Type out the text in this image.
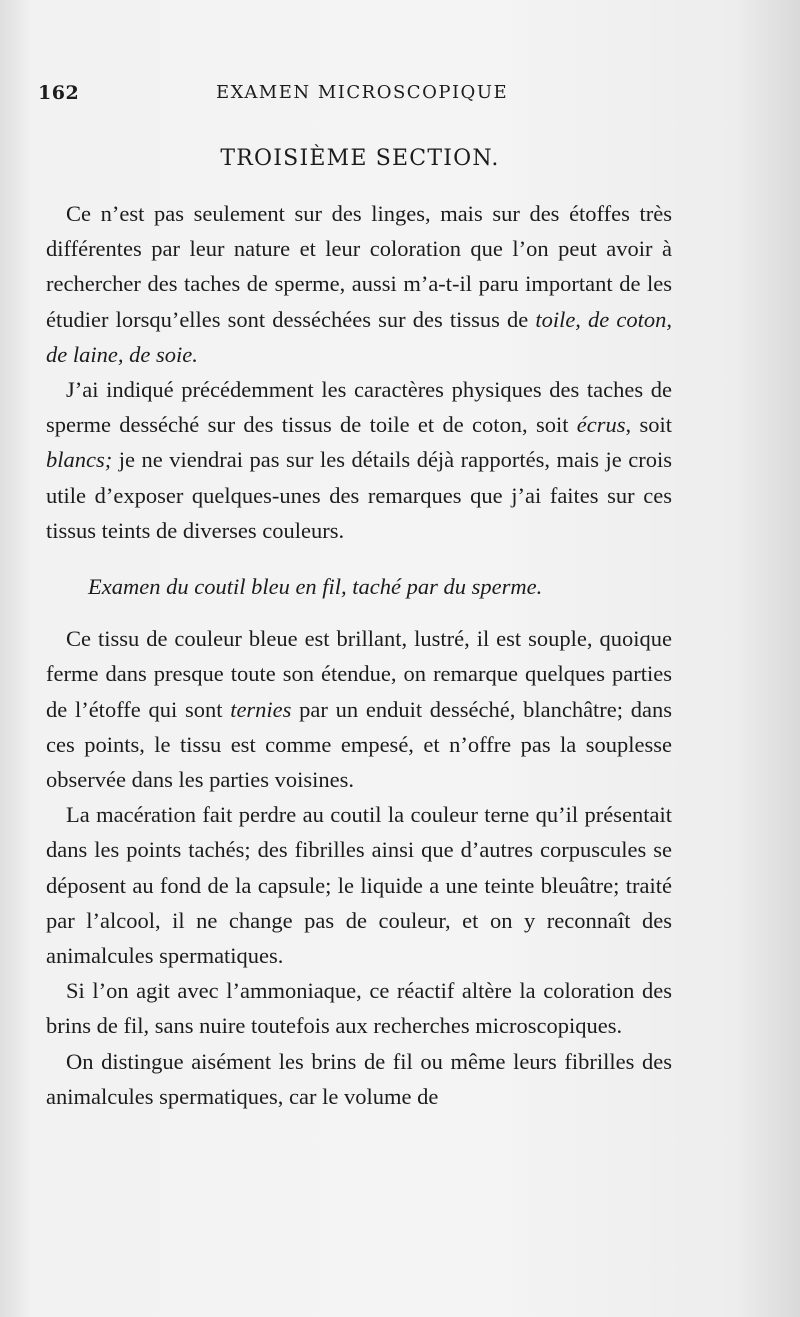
162	EXAMEN MICROSCOPIQUE
TROISIÈME SECTION.

Ce n’est pas seulement sur des linges, mais sur des étoffes très différentes par leur nature et leur coloration que l’on peut avoir à rechercher des taches de sperme, aussi m’a-t-il paru important de les étudier lorsqu’elles sont desséchées sur des tissus de toile, de coton, de laine, de soie.

J’ai indiqué précédemment les caractères physiques des taches de sperme desséché sur des tissus de toile et de coton, soit écrus, soit blancs; je ne viendrai pas sur les détails déjà rapportés, mais je crois utile d’exposer quelques-unes des remarques que j’ai faites sur ces tissus teints de diverses couleurs.

Examen du coutil bleu en fil, taché par du sperme.

Ce tissu de couleur bleue est brillant, lustré, il est souple, quoique ferme dans presque toute son étendue, on remarque quelques parties de l’étoffe qui sont ternies par un enduit desséché, blanchâtre; dans ces points, le tissu est comme empesé, et n’offre pas la souplesse observée dans les parties voisines.

La macération fait perdre au coutil la couleur terne qu’il présentait dans les points tachés; des fibrilles ainsi que d’autres corpuscules se déposent au fond de la capsule; le liquide a une teinte bleuâtre; traité par l’alcool, il ne change pas de couleur, et on y reconnaît des animalcules spermatiques.

Si l’on agit avec l’ammoniaque, ce réactif altère la coloration des brins de fil, sans nuire toutefois aux recherches microscopiques.

On distingue aisément les brins de fil ou même leurs fibrilles des animalcules spermatiques, car le volume de
